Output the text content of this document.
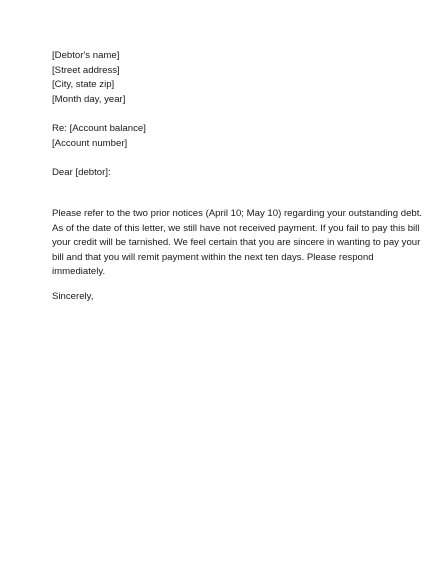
[Debtor's name]
[Street address]
[City, state zip]
[Month day, year]
Re: [Account balance]
[Account number]
Dear [debtor]:
Please refer to the two prior notices (April 10; May 10) regarding your outstanding debt.
As of the date of this letter, we still have not received payment. If you fail to pay this bill
your credit will be tarnished. We feel certain that you are sincere in wanting to pay your
bill and that you will remit payment within the next ten days. Please respond
immediately.
Sincerely,
